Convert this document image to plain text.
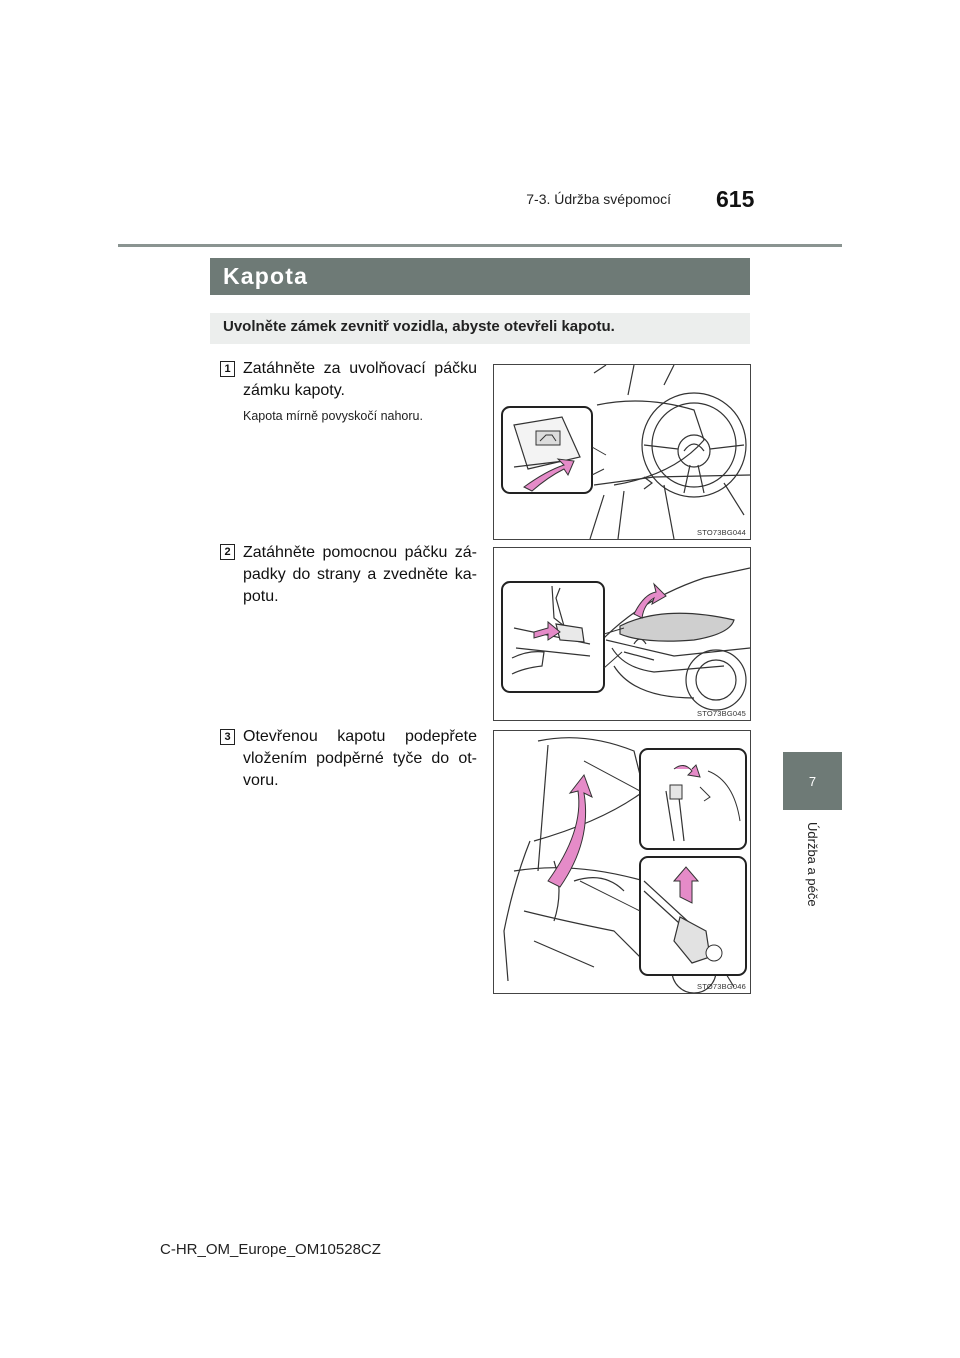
7-3. Údržba svépomocí 615
7
Údržba a péče
Kapota
Uvolněte zámek zevnitř vozidla, abyste otevřeli kapotu.
1 Zatáhněte za uvolňovací páčku zámku kapoty.
Kapota mírně povyskočí nahoru.
STO73BG044
2 Zatáhněte pomocnou páčku zá-padky do strany a zvedněte ka-potu.
STO73BG045
3 Otevřenou kapotu podepřete vložením podpěrné tyče do ot-voru.
STO73BG046
C-HR_OM_Europe_OM10528CZ
